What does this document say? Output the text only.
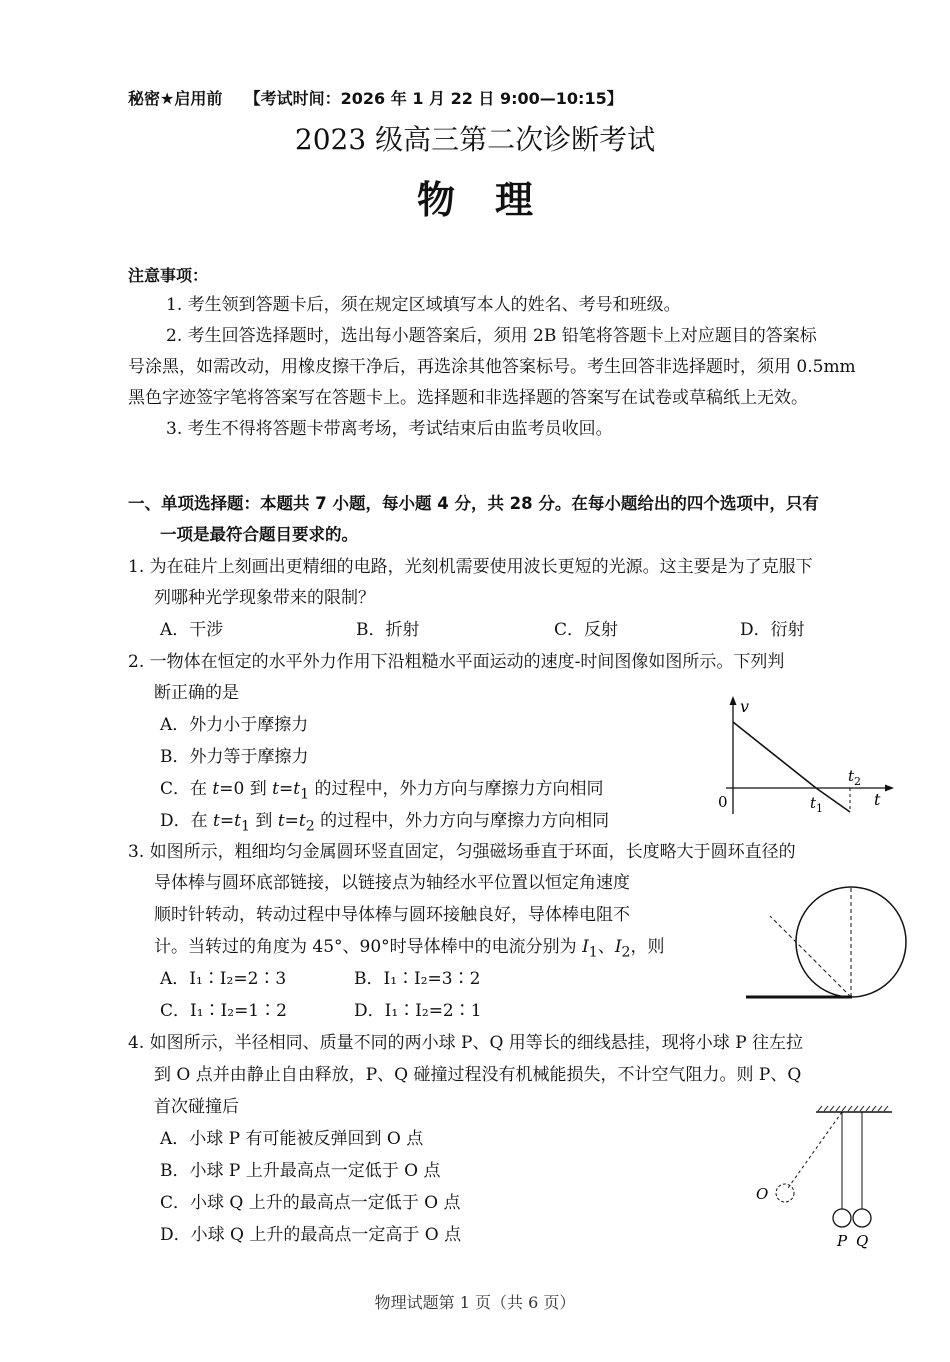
秘密★启用前 【考试时间：2026 年 1 月 22 日 9:00—10:15】
2023 级高三第二次诊断考试
物理
注意事项：
1. 考生领到答题卡后，须在规定区域填写本人的姓名、考号和班级。
2. 考生回答选择题时，选出每小题答案后，须用 2B 铅笔将答题卡上对应题目的答案标
号涂黑，如需改动，用橡皮擦干净后，再选涂其他答案标号。考生回答非选择题时，须用 0.5mm
黑色字迹签字笔将答案写在答题卡上。选择题和非选择题的答案写在试卷或草稿纸上无效。
3. 考生不得将答题卡带离考场，考试结束后由监考员收回。
一、单项选择题：本题共 7 小题，每小题 4 分，共 28 分。在每小题给出的四个选项中，只有
一项是最符合题目要求的。
1. 为在硅片上刻画出更精细的电路，光刻机需要使用波长更短的光源。这主要是为了克服下
列哪种光学现象带来的限制？
A．干涉	B．折射	C．反射	D．衍射
2. 一物体在恒定的水平外力作用下沿粗糙水平面运动的速度-时间图像如图所示。下列判
断正确的是
A．外力小于摩擦力
B．外力等于摩擦力
C．在 t=0 到 $t=t_1$ 的过程中，外力方向与摩擦力方向相同
D．在 $t=t_1$ 到 $t=t_2$ 的过程中，外力方向与摩擦力方向相同
v
t
0	$t_1$
$t_2$
3. 如图所示，粗细均匀金属圆环竖直固定，匀强磁场垂直于环面，长度略大于圆环直径的
导体棒与圆环底部链接，以链接点为轴经水平位置以恒定角速度
顺时针转动，转动过程中导体棒与圆环接触良好，导体棒电阻不
计。当转过的角度为 45°、90°时导体棒中的电流分别为 $I_1$、$I_2$，则
A．I₁∶I₂=2∶3	B．I₁∶I₂=3∶2
C．I₁∶I₂=1∶2	D．I₁∶I₂=2∶1
4. 如图所示，半径相同、质量不同的两小球 P、Q 用等长的细线悬挂，现将小球 P 往左拉
到 O 点并由静止自由释放，P、Q 碰撞过程没有机械能损失，不计空气阻力。则 P、Q
首次碰撞后
A．小球 P 有可能被反弹回到 O 点
B．小球 P 上升最高点一定低于 O 点
C．小球 Q 上升的最高点一定低于 O 点
D．小球 Q 上升的最高点一定高于 O 点
O
P Q
物理试题第 1 页（共 6 页）
